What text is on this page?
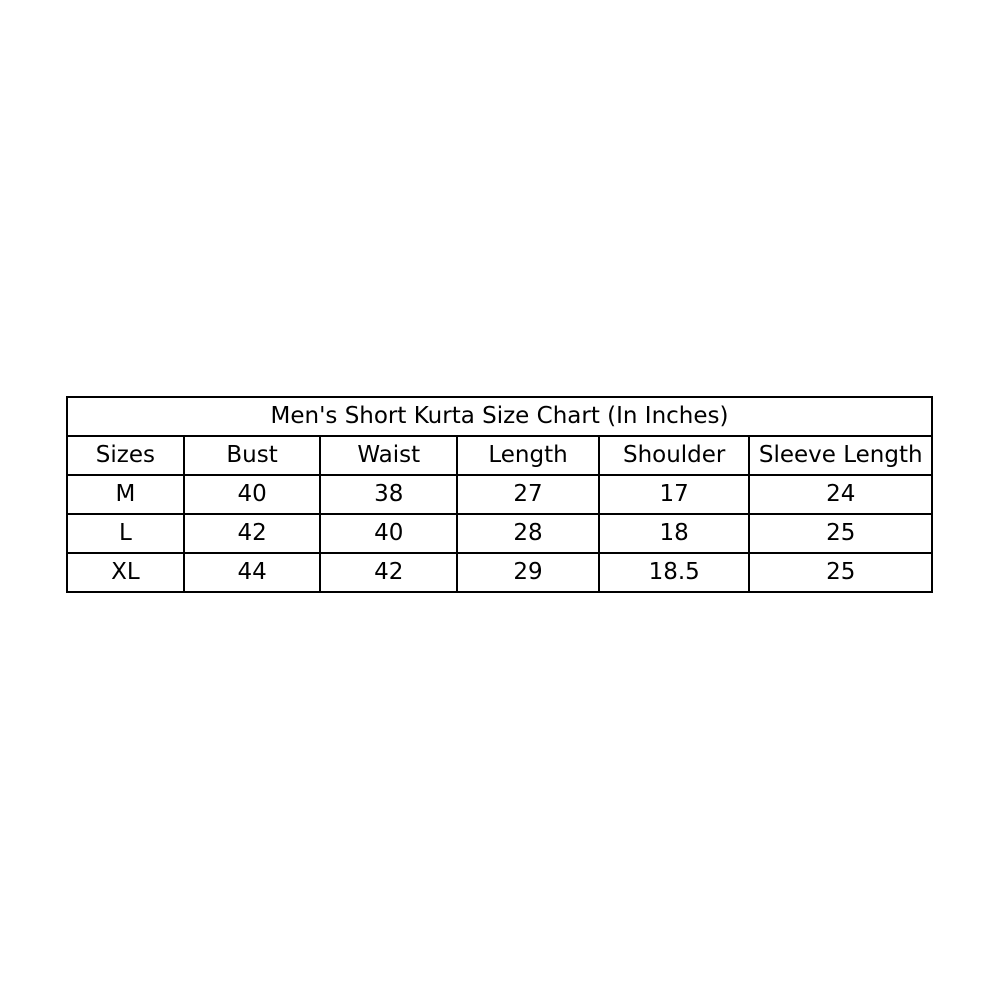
Men's Short Kurta Size Chart (In Inches)					
Sizes	Bust	Waist	Length	Shoulder	Sleeve Length
M	40	38	27	17	24
L	42	40	28	18	25
XL	44	42	29	18.5	25
